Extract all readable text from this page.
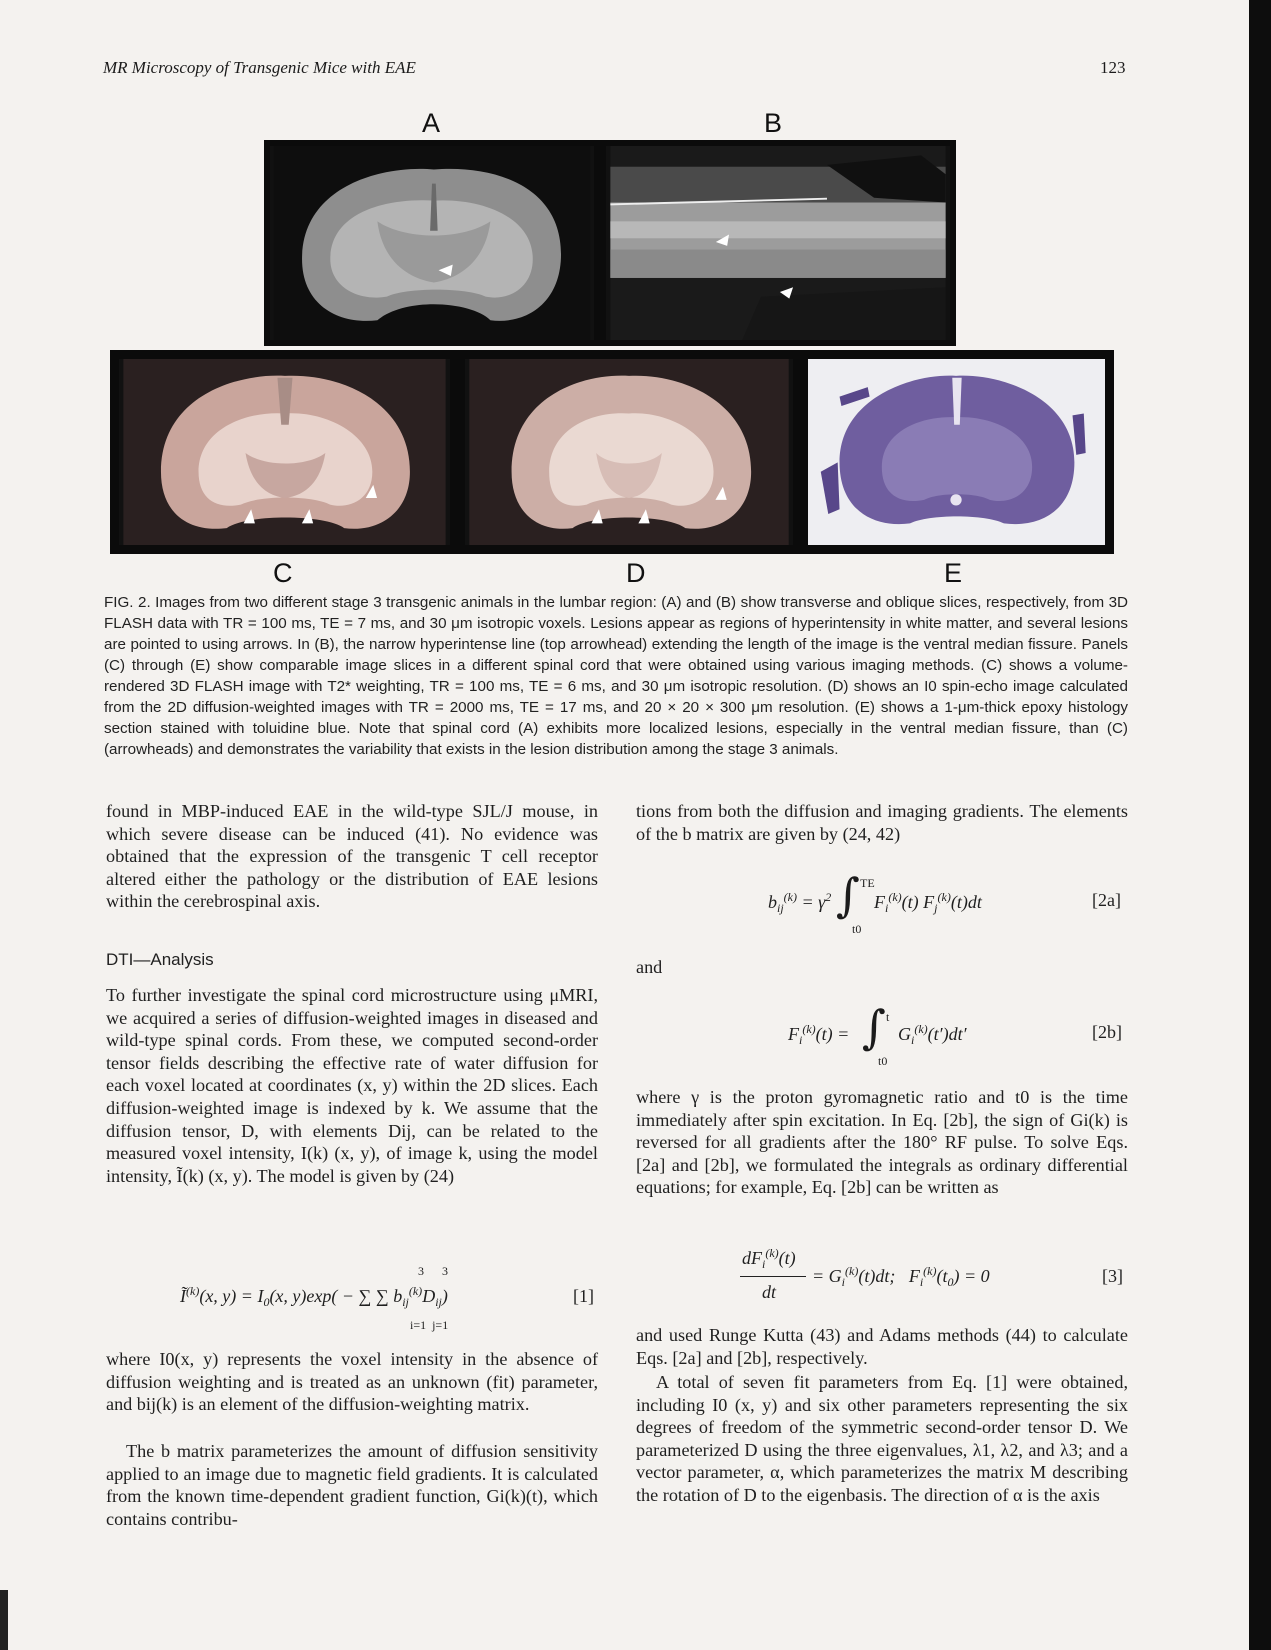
MR Microscopy of Transgenic Mice with EAE	123
A	B
C	D	E
FIG. 2. Images from two different stage 3 transgenic animals in the lumbar region: (A) and (B) show transverse and oblique slices, respectively, from 3D FLASH data with TR = 100 ms, TE = 7 ms, and 30 μm isotropic voxels. Lesions appear as regions of hyperintensity in white matter, and several lesions are pointed to using arrows. In (B), the narrow hyperintense line (top arrowhead) extending the length of the image is the ventral median fissure. Panels (C) through (E) show comparable image slices in a different spinal cord that were obtained using various imaging methods. (C) shows a volume-rendered 3D FLASH image with T2* weighting, TR = 100 ms, TE = 6 ms, and 30 μm isotropic resolution. (D) shows an I0 spin-echo image calculated from the 2D diffusion-weighted images with TR = 2000 ms, TE = 17 ms, and 20 × 20 × 300 μm resolution. (E) shows a 1-μm-thick epoxy histology section stained with toluidine blue. Note that spinal cord (A) exhibits more localized lesions, especially in the ventral median fissure, than (C) (arrowheads) and demonstrates the variability that exists in the lesion distribution among the stage 3 animals.

found in MBP-induced EAE in the wild-type SJL/J mouse, in which severe disease can be induced (41). No evidence was obtained that the expression of the transgenic T cell receptor altered either the pathology or the distribution of EAE lesions within the cerebrospinal axis.

DTI—Analysis

To further investigate the spinal cord microstructure using μMRI, we acquired a series of diffusion-weighted images in diseased and wild-type spinal cords. From these, we computed second-order tensor fields describing the effective rate of water diffusion for each voxel located at coordinates (x, y) within the 2D slices. Each diffusion-weighted image is indexed by k. We assume that the diffusion tensor, D, with elements Dij, can be related to the measured voxel intensity, I(k) (x, y), of image k, using the model intensity, Ĩ(k) (x, y). The model is given by (24)

$Ĩ^{(k)}(x$, $y) = I_0(x$, y)exp( − ∑ ∑ $b_{ij}^{(k)}D_{ij}$)
3      3
i=1  j=1
[1]

where I0(x, y) represents the voxel intensity in the absence of diffusion weighting and is treated as an unknown (fit) parameter, and bij(k) is an element of the diffusion-weighting matrix.

The b matrix parameterizes the amount of diffusion sensitivity applied to an image due to magnetic field gradients. It is calculated from the known time-dependent gradient function, Gi(k)(t), which contains contribu-

tions from both the diffusion and imaging gradients. The elements of the b matrix are given by (24, 42)

$b_{ij}^{(k)} = \gamma^2$ ∫ TE
t0
$F_i^{(k)}(t)$ $F_j^{(k)}(t)dt$	[2a]

and

$F_i^{(k)}(t)$ = ∫ t
t0
$G_i^{(k)}(t')dt'$	[2b]

where γ is the proton gyromagnetic ratio and t0 is the time immediately after spin excitation. In Eq. [2b], the sign of Gi(k) is reversed for all gradients after the 180° RF pulse. To solve Eqs. [2a] and [2b], we formulated the integrals as ordinary differential equations; for example, Eq. [2b] can be written as

$dF_i^{(k)}(t)$
dt
= $G_i^{(k)}(t)dt$;   $F_i^{(k)}(t_0) = 0$	[3]

and used Runge Kutta (43) and Adams methods (44) to calculate Eqs. [2a] and [2b], respectively.

A total of seven fit parameters from Eq. [1] were obtained, including I0 (x, y) and six other parameters representing the six degrees of freedom of the symmetric second-order tensor D. We parameterized D using the three eigenvalues, λ1, λ2, and λ3; and a vector parameter, α, which parameterizes the matrix M describing the rotation of D to the eigenbasis. The direction of α is the axis
